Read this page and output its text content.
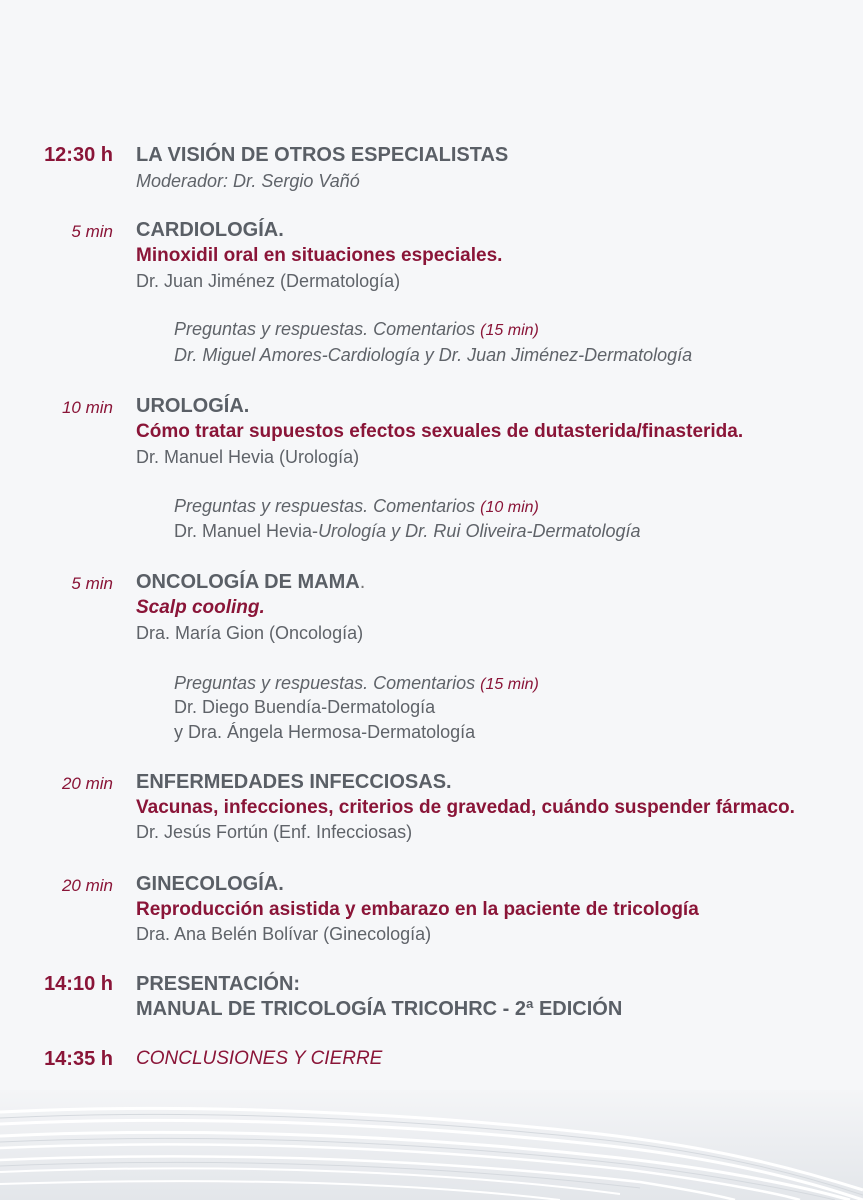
12:30 h LA VISIÓN DE OTROS ESPECIALISTAS
Moderador: Dr. Sergio Vañó
5 min CARDIOLOGÍA.
Minoxidil oral en situaciones especiales.
Dr. Juan Jiménez (Dermatología)
Preguntas y respuestas. Comentarios (15 min)
Dr. Miguel Amores-Cardiología y Dr. Juan Jiménez-Dermatología
10 min UROLOGÍA.
Cómo tratar supuestos efectos sexuales de dutasterida/finasterida.
Dr. Manuel Hevia (Urología)
Preguntas y respuestas. Comentarios (10 min)
Dr. Manuel Hevia-Urología y Dr. Rui Oliveira-Dermatología
5 min ONCOLOGÍA DE MAMA.
Scalp cooling.
Dra. María Gion (Oncología)
Preguntas y respuestas. Comentarios (15 min)
Dr. Diego Buendía-Dermatología
y Dra. Ángela Hermosa-Dermatología
20 min ENFERMEDADES INFECCIOSAS.
Vacunas, infecciones, criterios de gravedad, cuándo suspender fármaco.
Dr. Jesús Fortún (Enf. Infecciosas)
20 min GINECOLOGÍA.
Reproducción asistida y embarazo en la paciente de tricología
Dra. Ana Belén Bolívar (Ginecología)
14:10 h PRESENTACIÓN:
MANUAL DE TRICOLOGÍA TRICOHRC - 2ª EDICIÓN
14:35 h CONCLUSIONES Y CIERRE
